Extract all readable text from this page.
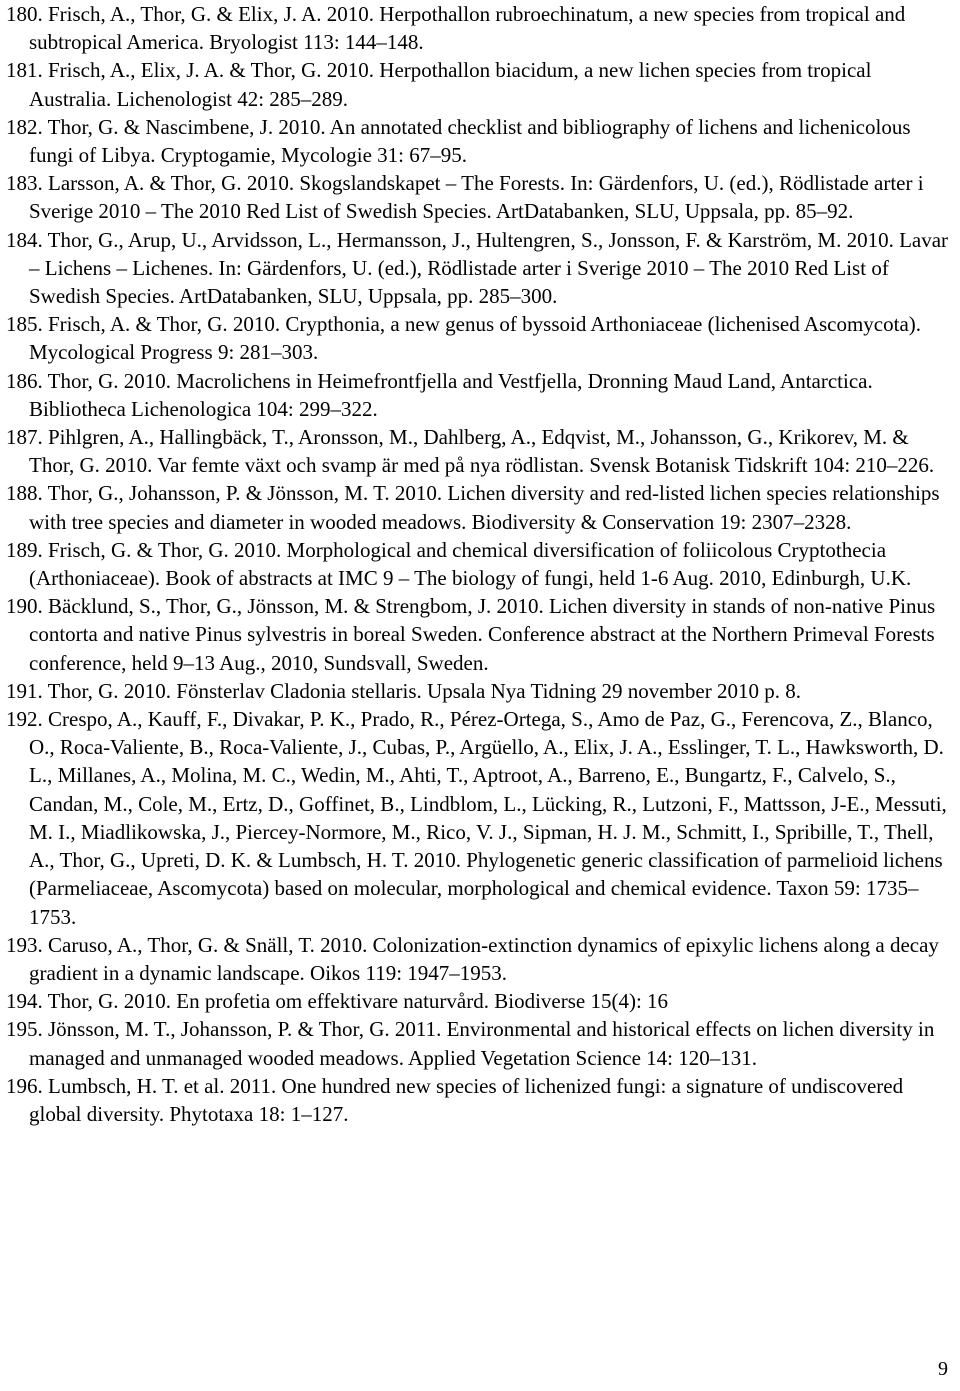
180. Frisch, A., Thor, G. & Elix, J. A. 2010. Herpothallon rubroechinatum, a new species from tropical and subtropical America. Bryologist 113: 144–148.
181. Frisch, A., Elix, J. A. & Thor, G. 2010. Herpothallon biacidum, a new lichen species from tropical Australia. Lichenologist 42: 285–289.
182. Thor, G. & Nascimbene, J. 2010. An annotated checklist and bibliography of lichens and lichenicolous fungi of Libya. Cryptogamie, Mycologie 31: 67–95.
183. Larsson, A. & Thor, G. 2010. Skogslandskapet – The Forests. In: Gärdenfors, U. (ed.), Rödlistade arter i Sverige 2010 – The 2010 Red List of Swedish Species. ArtDatabanken, SLU, Uppsala, pp. 85–92.
184. Thor, G., Arup, U., Arvidsson, L., Hermansson, J., Hultengren, S., Jonsson, F. & Karström, M. 2010. Lavar – Lichens – Lichenes. In: Gärdenfors, U. (ed.), Rödlistade arter i Sverige 2010 – The 2010 Red List of Swedish Species. ArtDatabanken, SLU, Uppsala, pp. 285–300.
185. Frisch, A. & Thor, G. 2010. Crypthonia, a new genus of byssoid Arthoniaceae (lichenised Ascomycota). Mycological Progress 9: 281–303.
186. Thor, G. 2010. Macrolichens in Heimefrontfjella and Vestfjella, Dronning Maud Land, Antarctica. Bibliotheca Lichenologica 104: 299–322.
187. Pihlgren, A., Hallingbäck, T., Aronsson, M., Dahlberg, A., Edqvist, M., Johansson, G., Krikorev, M. & Thor, G. 2010. Var femte växt och svamp är med på nya rödlistan. Svensk Botanisk Tidskrift 104: 210–226.
188. Thor, G., Johansson, P. & Jönsson, M. T. 2010. Lichen diversity and red-listed lichen species relationships with tree species and diameter in wooded meadows. Biodiversity & Conservation 19: 2307–2328.
189. Frisch, G. & Thor, G. 2010. Morphological and chemical diversification of foliicolous Cryptothecia (Arthoniaceae). Book of abstracts at IMC 9 – The biology of fungi, held 1-6 Aug. 2010, Edinburgh, U.K.
190. Bäcklund, S., Thor, G., Jönsson, M. & Strengbom, J. 2010. Lichen diversity in stands of non-native Pinus contorta and native Pinus sylvestris in boreal Sweden. Conference abstract at the Northern Primeval Forests conference, held 9–13 Aug., 2010, Sundsvall, Sweden.
191. Thor, G. 2010. Fönsterlav Cladonia stellaris. Upsala Nya Tidning 29 november 2010 p. 8.
192. Crespo, A., Kauff, F., Divakar, P. K., Prado, R., Pérez-Ortega, S., Amo de Paz, G., Ferencova, Z., Blanco, O., Roca-Valiente, B., Roca-Valiente, J., Cubas, P., Argüello, A., Elix, J. A., Esslinger, T. L., Hawksworth, D. L., Millanes, A., Molina, M. C., Wedin, M., Ahti, T., Aptroot, A., Barreno, E., Bungartz, F., Calvelo, S., Candan, M., Cole, M., Ertz, D., Goffinet, B., Lindblom, L., Lücking, R., Lutzoni, F., Mattsson, J-E., Messuti, M. I., Miadlikowska, J., Piercey-Normore, M., Rico, V. J., Sipman, H. J. M., Schmitt, I., Spribille, T., Thell, A., Thor, G., Upreti, D. K. & Lumbsch, H. T. 2010. Phylogenetic generic classification of parmelioid lichens (Parmeliaceae, Ascomycota) based on molecular, morphological and chemical evidence. Taxon 59: 1735–1753.
193. Caruso, A., Thor, G. & Snäll, T. 2010. Colonization-extinction dynamics of epixylic lichens along a decay gradient in a dynamic landscape. Oikos 119: 1947–1953.
194. Thor, G. 2010. En profetia om effektivare naturvård. Biodiverse 15(4): 16
195. Jönsson, M. T., Johansson, P. & Thor, G. 2011. Environmental and historical effects on lichen diversity in managed and unmanaged wooded meadows. Applied Vegetation Science 14: 120–131.
196. Lumbsch, H. T. et al. 2011. One hundred new species of lichenized fungi: a signature of undiscovered global diversity. Phytotaxa 18: 1–127.
9
